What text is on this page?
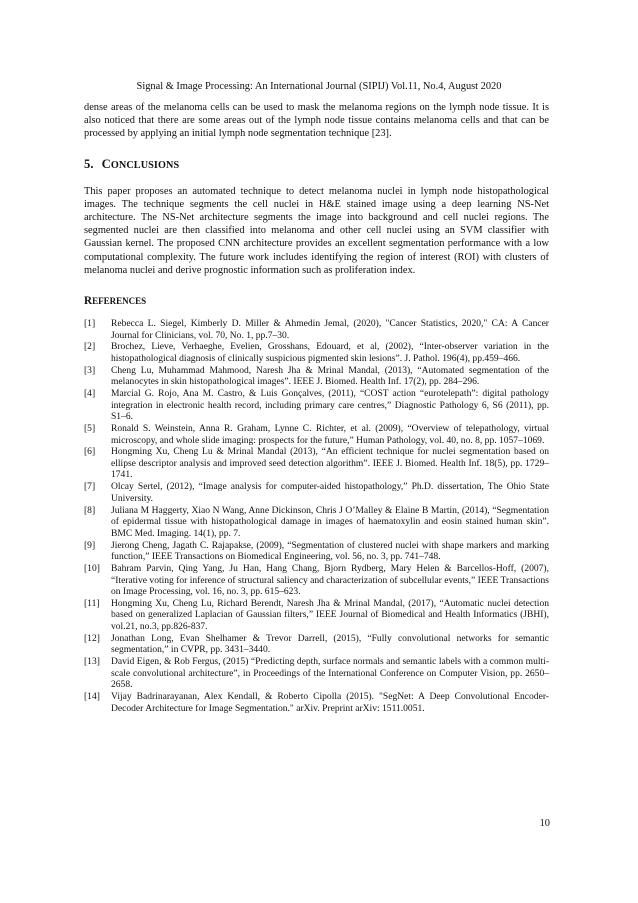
Signal & Image Processing: An International Journal (SIPIJ) Vol.11, No.4, August 2020

dense areas of the melanoma cells can be used to mask the melanoma regions on the lymph node tissue. It is also noticed that there are some areas out of the lymph node tissue contains melanoma cells and that can be processed by applying an initial lymph node segmentation technique [23].

5. CONCLUSIONS

This paper proposes an automated technique to detect melanoma nuclei in lymph node histopathological images. The technique segments the cell nuclei in H&E stained image using a deep learning NS-Net architecture. The NS-Net architecture segments the image into background and cell nuclei regions. The segmented nuclei are then classified into melanoma and other cell nuclei using an SVM classifier with Gaussian kernel. The proposed CNN architecture provides an excellent segmentation performance with a low computational complexity. The future work includes identifying the region of interest (ROI) with clusters of melanoma nuclei and derive prognostic information such as proliferation index.

REFERENCES
[1] Rebecca L. Siegel, Kimberly D. Miller & Ahmedin Jemal, (2020), "Cancer Statistics, 2020," CA: A Cancer Journal for Clinicians, vol. 70, No. 1, pp.7–30.
[2] Brochez, Lieve, Verhaeghe, Evelien, Grosshans, Edouard, et al, (2002), “Inter-observer variation in the histopathological diagnosis of clinically suspicious pigmented skin lesions”. J. Pathol. 196(4), pp.459–466.
[3] Cheng Lu, Muhammad Mahmood, Naresh Jha & Mrinal Mandal, (2013), “Automated segmentation of the melanocytes in skin histopathological images”. IEEE J. Biomed. Health Inf. 17(2), pp. 284–296.
[4] Marcial G. Rojo, Ana M. Castro, & Luis Gonçalves, (2011), “COST action “eurotelepath”: digital pathology integration in electronic health record, including primary care centres,” Diagnostic Pathology 6, S6 (2011), pp. S1–6.
[5] Ronald S. Weinstein, Anna R. Graham, Lynne C. Richter, et al. (2009), “Overview of telepathology, virtual microscopy, and whole slide imaging: prospects for the future,” Human Pathology, vol. 40, no. 8, pp. 1057–1069.
[6] Hongming Xu, Cheng Lu & Mrinal Mandal (2013), “An efficient technique for nuclei segmentation based on ellipse descriptor analysis and improved seed detection algorithm”. IEEE J. Biomed. Health Inf. 18(5), pp. 1729–1741.
[7] Olcay Sertel, (2012), “Image analysis for computer-aided histopathology,” Ph.D. dissertation, The Ohio State University.
[8] Juliana M Haggerty, Xiao N Wang, Anne Dickinson, Chris J O’Malley & Elaine B Martin, (2014), “Segmentation of epidermal tissue with histopathological damage in images of haematoxylin and eosin stained human skin”. BMC Med. Imaging. 14(1), pp. 7.
[9] Jierong Cheng, Jagath C. Rajapakse, (2009), “Segmentation of clustered nuclei with shape markers and marking function,” IEEE Transactions on Biomedical Engineering, vol. 56, no. 3, pp. 741–748.
[10] Bahram Parvin, Qing Yang, Ju Han, Hang Chang, Bjorn Rydberg, Mary Helen & Barcellos-Hoff, (2007), “Iterative voting for inference of structural saliency and characterization of subcellular events,” IEEE Transactions on Image Processing, vol. 16, no. 3, pp. 615–623.
[11] Hongming Xu, Cheng Lu, Richard Berendt, Naresh Jha & Mrinal Mandal, (2017), “Automatic nuclei detection based on generalized Laplacian of Gaussian filters,” IEEE Journal of Biomedical and Health Informatics (JBHI), vol.21, no.3, pp.826-837.
[12] Jonathan Long, Evan Shelhamer & Trevor Darrell, (2015), “Fully convolutional networks for semantic segmentation,” in CVPR, pp. 3431–3440.
[13] David Eigen, & Rob Fergus, (2015) “Predicting depth, surface normals and semantic labels with a common multi-scale convolutional architecture”, in Proceedings of the International Conference on Computer Vision, pp. 2650–2658.
[14] Vijay Badrinarayanan, Alex Kendall, & Roberto Cipolla (2015). "SegNet: A Deep Convolutional Encoder-Decoder Architecture for Image Segmentation." arXiv. Preprint arXiv: 1511.0051.
10
